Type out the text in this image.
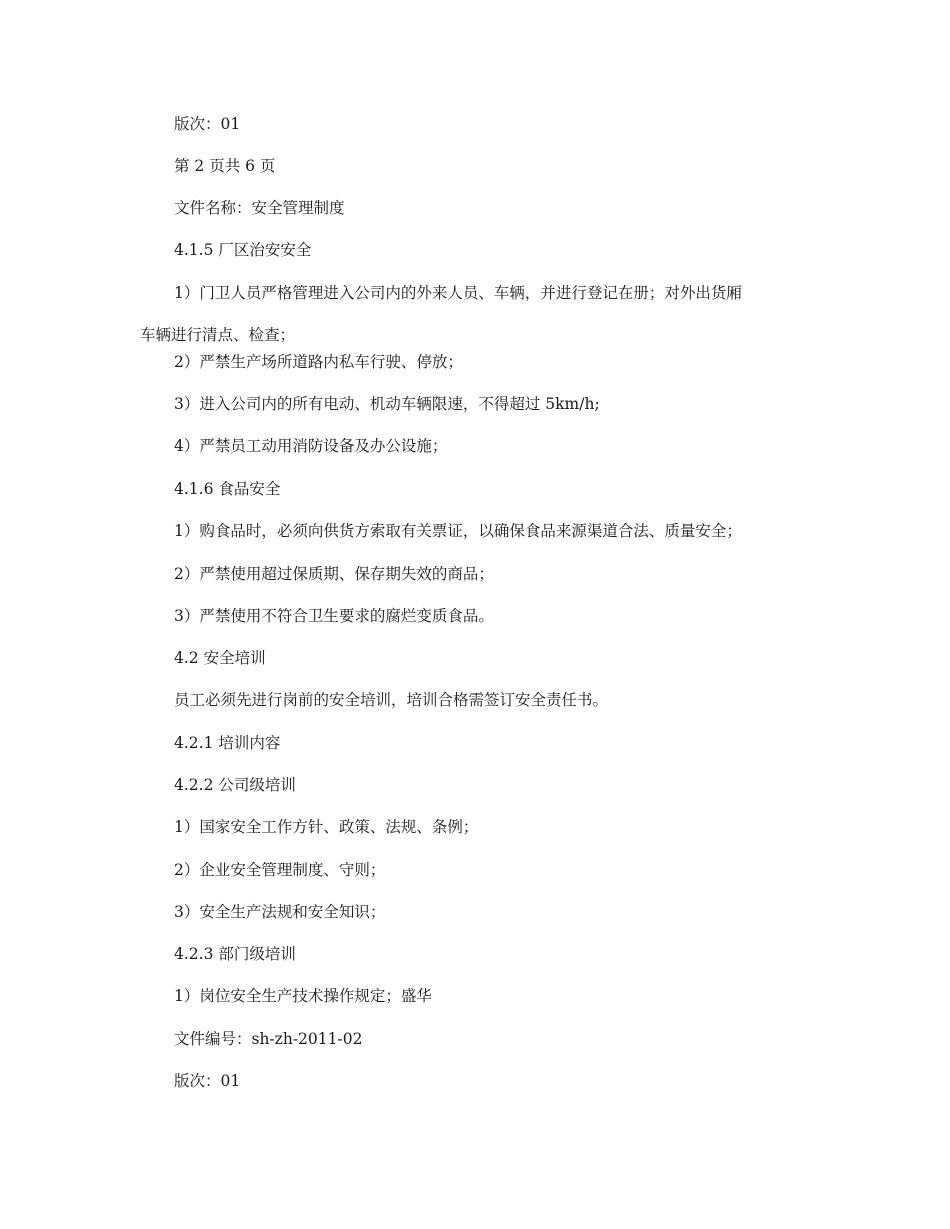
版次：01
第 2 页共 6 页
文件名称：安全管理制度
4.1.5 厂区治安安全
1）门卫人员严格管理进入公司内的外来人员、车辆，并进行登记在册；对外出货厢
车辆进行清点、检查；
2）严禁生产场所道路内私车行驶、停放；
3）进入公司内的所有电动、机动车辆限速，不得超过 5km/h;
4）严禁员工动用消防设备及办公设施；
4.1.6 食品安全
1）购食品时，必须向供货方索取有关票证，以确保食品来源渠道合法、质量安全；
2）严禁使用超过保质期、保存期失效的商品；
3）严禁使用不符合卫生要求的腐烂变质食品。
4.2 安全培训
员工必须先进行岗前的安全培训，培训合格需签订安全责任书。
4.2.1 培训内容
4.2.2 公司级培训
1）国家安全工作方针、政策、法规、条例；
2）企业安全管理制度、守则；
3）安全生产法规和安全知识；
4.2.3 部门级培训
1）岗位安全生产技术操作规定；盛华
文件编号：sh-zh-2011-02
版次：01
